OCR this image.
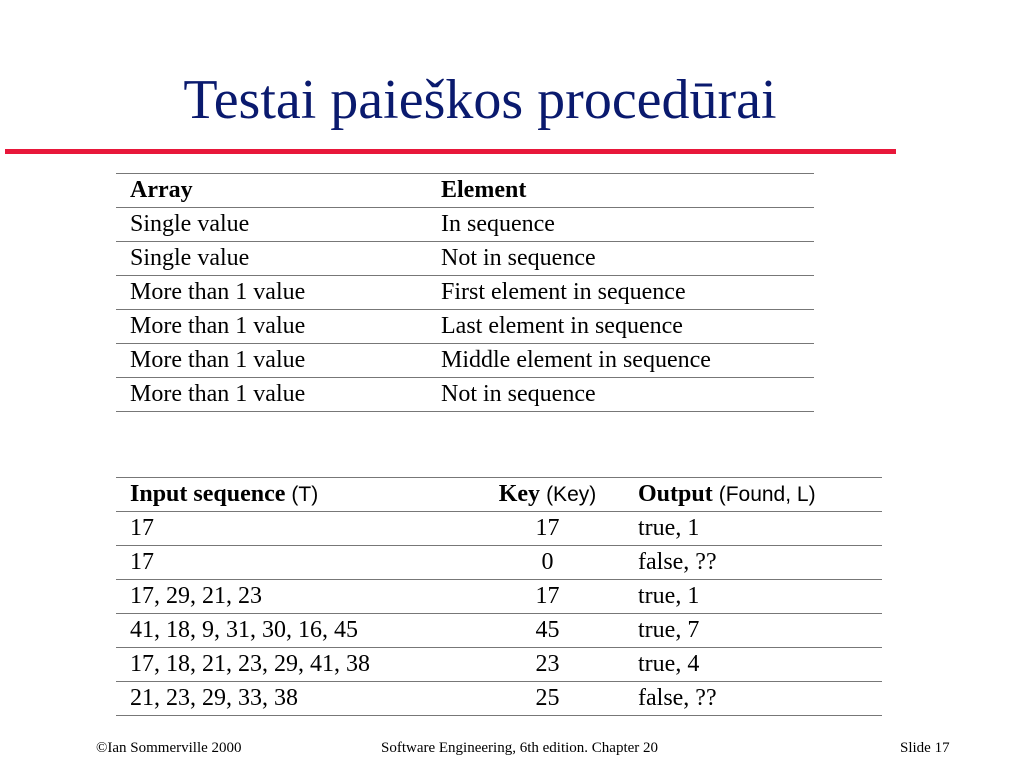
Testai paieškos procedūrai
Array	Element
Single value	In sequence
Single value	Not in sequence
More than 1 value	First element in sequence
More than 1 value	Last element in sequence
More than 1 value	Middle element in sequence
More than 1 value	Not in sequence
Input sequence (T)	Key (Key)	Output (Found, L)
17	17	true, 1
17	0	false, ??
17, 29, 21, 23	17	true, 1
41, 18, 9, 31, 30, 16, 45	45	true, 7
17, 18, 21, 23, 29, 41, 38	23	true, 4
21, 23, 29, 33, 38	25	false, ??
©Ian Sommerville 2000	Software Engineering, 6th edition. Chapter 20	Slide 17
